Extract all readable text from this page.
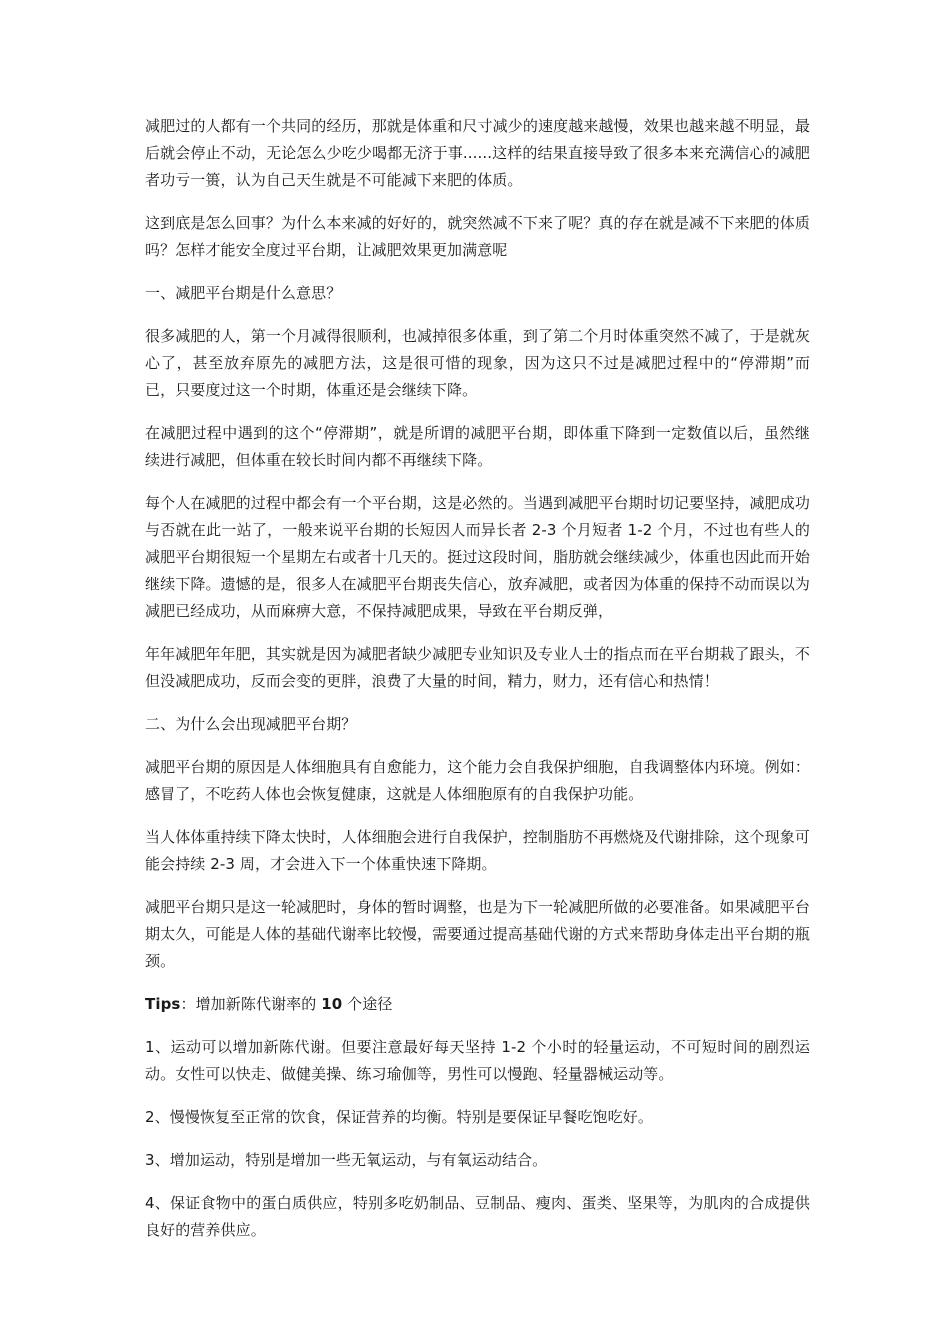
减肥过的人都有一个共同的经历，那就是体重和尺寸减少的速度越来越慢，效果也越来越不明显，最后就会停止不动，无论怎么少吃少喝都无济于事......这样的结果直接导致了很多本来充满信心的减肥者功亏一篑，认为自己天生就是不可能减下来肥的体质。

这到底是怎么回事？为什么本来减的好好的，就突然减不下来了呢？真的存在就是减不下来肥的体质吗？怎样才能安全度过平台期，让减肥效果更加满意呢

一、减肥平台期是什么意思？

很多减肥的人，第一个月减得很顺利，也减掉很多体重，到了第二个月时体重突然不减了，于是就灰心了，甚至放弃原先的减肥方法，这是很可惜的现象，因为这只不过是减肥过程中的“停滞期”而已，只要度过这一个时期，体重还是会继续下降。

在减肥过程中遇到的这个“停滞期”，就是所谓的减肥平台期，即体重下降到一定数值以后，虽然继续进行减肥，但体重在较长时间内都不再继续下降。

每个人在减肥的过程中都会有一个平台期，这是必然的。当遇到减肥平台期时切记要坚持，减肥成功与否就在此一站了，一般来说平台期的长短因人而异长者 2-3 个月短者 1-2 个月，不过也有些人的减肥平台期很短一个星期左右或者十几天的。挺过这段时间，脂肪就会继续减少，体重也因此而开始继续下降。遗憾的是，很多人在减肥平台期丧失信心，放弃减肥，或者因为体重的保持不动而误以为减肥已经成功，从而麻痹大意，不保持减肥成果，导致在平台期反弹，

年年减肥年年肥，其实就是因为减肥者缺少减肥专业知识及专业人士的指点而在平台期栽了跟头，不但没减肥成功，反而会变的更胖，浪费了大量的时间，精力，财力，还有信心和热情！

二、为什么会出现减肥平台期？

减肥平台期的原因是人体细胞具有自愈能力，这个能力会自我保护细胞，自我调整体内环境。例如：感冒了，不吃药人体也会恢复健康，这就是人体细胞原有的自我保护功能。

当人体体重持续下降太快时，人体细胞会进行自我保护，控制脂肪不再燃烧及代谢排除，这个现象可能会持续 2-3 周，才会进入下一个体重快速下降期。

减肥平台期只是这一轮减肥时，身体的暂时调整，也是为下一轮减肥所做的必要准备。如果减肥平台期太久，可能是人体的基础代谢率比较慢，需要通过提高基础代谢的方式来帮助身体走出平台期的瓶颈。

Tips：增加新陈代谢率的 10 个途径

1、运动可以增加新陈代谢。但要注意最好每天坚持 1-2 个小时的轻量运动，不可短时间的剧烈运动。女性可以快走、做健美操、练习瑜伽等，男性可以慢跑、轻量器械运动等。

2、慢慢恢复至正常的饮食，保证营养的均衡。特别是要保证早餐吃饱吃好。

3、增加运动，特别是增加一些无氧运动，与有氧运动结合。

4、保证食物中的蛋白质供应，特别多吃奶制品、豆制品、瘦肉、蛋类、坚果等，为肌肉的合成提供良好的营养供应。
